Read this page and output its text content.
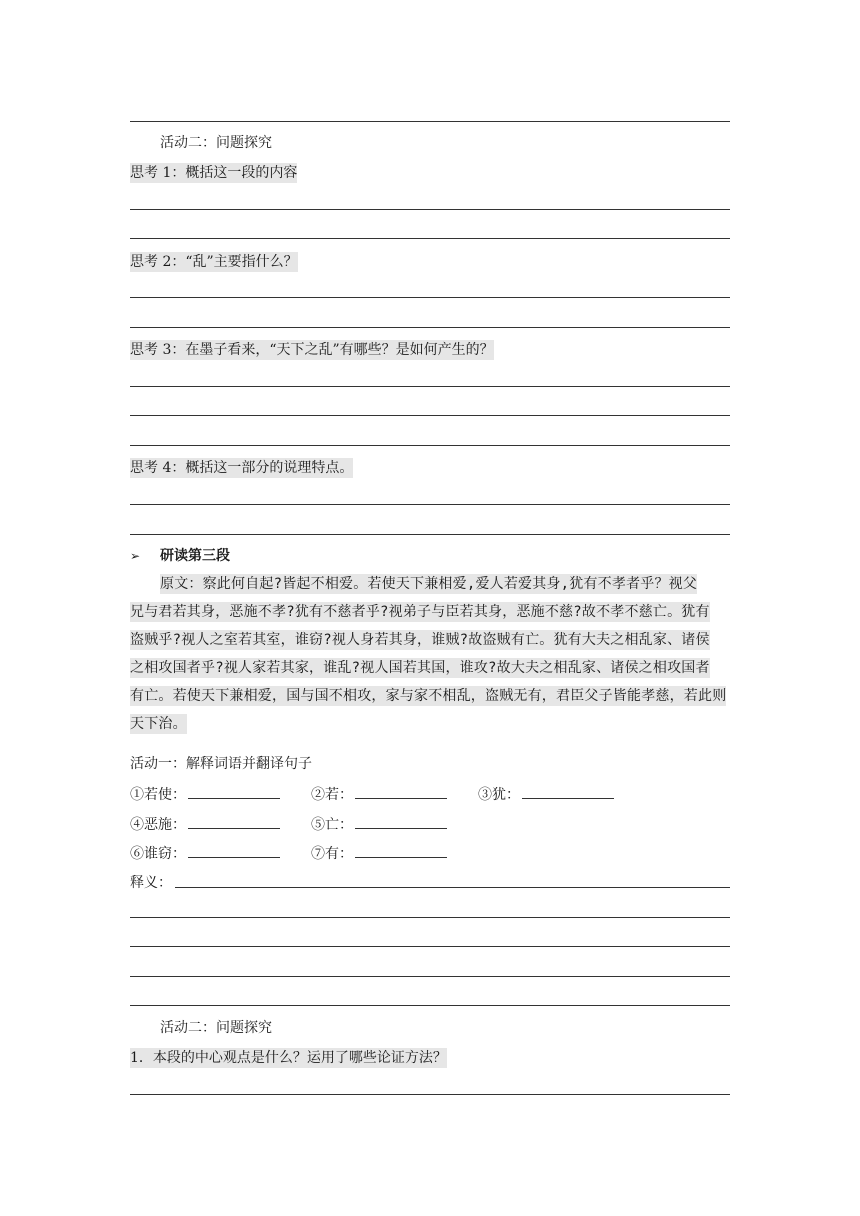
活动二：问题探究
思考 1：概括这一段的内容
思考 2：“乱”主要指什么？
思考 3：在墨子看来，“天下之乱”有哪些？是如何产生的？
思考 4：概括这一部分的说理特点。
➢ 研读第三段
原文：察此何自起?皆起不相爱。若使天下兼相爱,爱人若爱其身,犹有不孝者乎？视父
兄与君若其身，恶施不孝?犹有不慈者乎?视弟子与臣若其身，恶施不慈?故不孝不慈亡。犹有
盗贼乎?视人之室若其室，谁窃?视人身若其身，谁贼?故盗贼有亡。犹有大夫之相乱家、诸侯
之相攻国者乎?视人家若其家，谁乱?视人国若其国，谁攻?故大夫之相乱家、诸侯之相攻国者
有亡。若使天下兼相爱，国与国不相攻，家与家不相乱，盗贼无有，君臣父子皆能孝慈，若此则
天下治。
活动一：解释词语并翻译句子
①若使：	②若：	③犹：
④恶施：	⑤亡：
⑥谁窃：	⑦有：
释义：
活动二：问题探究
1．本段的中心观点是什么？运用了哪些论证方法？
